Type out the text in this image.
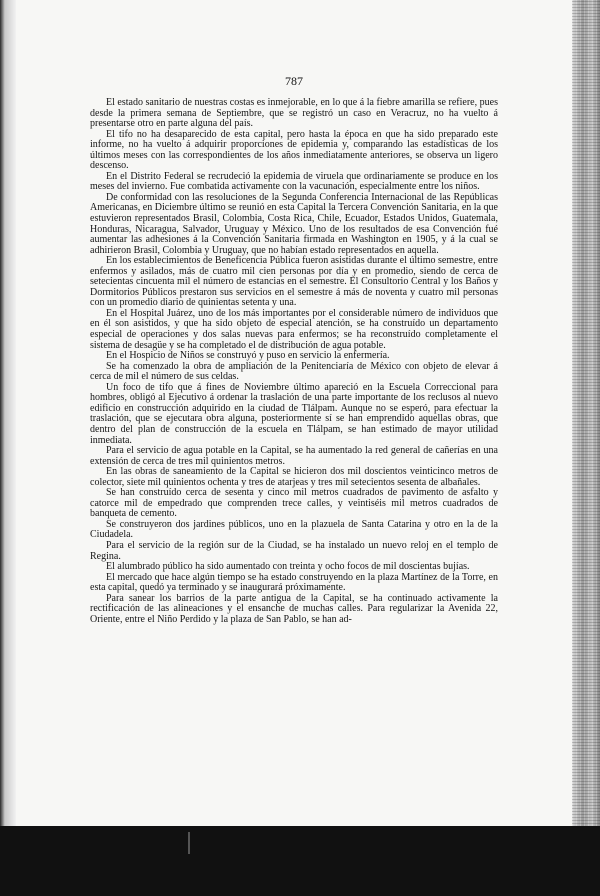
787

El estado sanitario de nuestras costas es inmejorable, en lo que á la fiebre amarilla se refiere, pues desde la primera semana de Septiembre, que se registró un caso en Veracruz, no ha vuelto á presentarse otro en parte alguna del país.

El tifo no ha desaparecido de esta capital, pero hasta la época en que ha sido preparado este informe, no ha vuelto á adquirir proporciones de epidemia y, comparando las estadísticas de los últimos meses con las correspondientes de los años inmediatamente anteriores, se observa un ligero descenso.

En el Distrito Federal se recrudeció la epidemia de viruela que ordinariamente se produce en los meses del invierno. Fue combatida activamente con la vacunación, especialmente entre los niños.

De conformidad con las resoluciones de la Segunda Conferencia Internacional de las Repúblicas Americanas, en Diciembre último se reunió en esta Capital la Tercera Convención Sanitaria, en la que estuvieron representados Brasil, Colombia, Costa Rica, Chile, Ecuador, Estados Unidos, Guatemala, Honduras, Nicaragua, Salvador, Uruguay y México. Uno de los resultados de esa Convención fué aumentar las adhesiones á la Convención Sanitaria firmada en Washington en 1905, y á la cual se adhirieron Brasil, Colombia y Uruguay, que no habían estado representados en aquella.

En los establecimientos de Beneficencia Pública fueron asistidas durante el último semestre, entre enfermos y asilados, más de cuatro mil cien personas por día y en promedio, siendo de cerca de setecientas cincuenta mil el número de estancias en el semestre. El Consultorio Central y los Baños y Dormitorios Públicos prestaron sus servicios en el semestre á más de noventa y cuatro mil personas con un promedio diario de quinientas setenta y una.

En el Hospital Juárez, uno de los más importantes por el considerable número de individuos que en él son asistidos, y que ha sido objeto de especial atención, se ha construído un departamento especial de operaciones y dos salas nuevas para enfermos; se ha reconstruído completamente el sistema de desagüe y se ha completado el de distribución de agua potable.

En el Hospicio de Niños se construyó y puso en servicio la enfermería.

Se ha comenzado la obra de ampliación de la Penitenciaría de México con objeto de elevar á cerca de mil el número de sus celdas.

Un foco de tifo que á fines de Noviembre último apareció en la Escuela Correccional para hombres, obligó al Ejecutivo á ordenar la traslación de una parte importante de los reclusos al nuevo edificio en construcción adquirido en la ciudad de Tlálpam. Aunque no se esperó, para efectuar la traslación, que se ejecutara obra alguna, posteriormente sí se han emprendido aquellas obras, que dentro del plan de construcción de la escuela en Tlálpam, se han estimado de mayor utilidad inmediata.

Para el servicio de agua potable en la Capital, se ha aumentado la red general de cañerías en una extensión de cerca de tres mil quinientos metros.

En las obras de saneamiento de la Capital se hicieron dos mil doscientos veinticinco metros de colector, siete mil quinientos ochenta y tres de atarjeas y tres mil setecientos sesenta de albañales.

Se han construído cerca de sesenta y cinco mil metros cuadrados de pavimento de asfalto y catorce mil de empedrado que comprenden trece calles, y veintiséis mil metros cuadrados de banqueta de cemento.

Se construyeron dos jardines públicos, uno en la plazuela de Santa Catarina y otro en la de la Ciudadela.

Para el servicio de la región sur de la Ciudad, se ha instalado un nuevo reloj en el templo de Regina.

El alumbrado público ha sido aumentado con treinta y ocho focos de mil doscientas bujías.

El mercado que hace algún tiempo se ha estado construyendo en la plaza Martínez de la Torre, en esta capital, quedó ya terminado y se inaugurará próximamente.

Para sanear los barrios de la parte antigua de la Capital, se ha continuado activamente la rectificación de las alineaciones y el ensanche de muchas calles. Para regularizar la Avenida 22, Oriente, entre el Niño Perdido y la plaza de San Pablo, se han ad-
